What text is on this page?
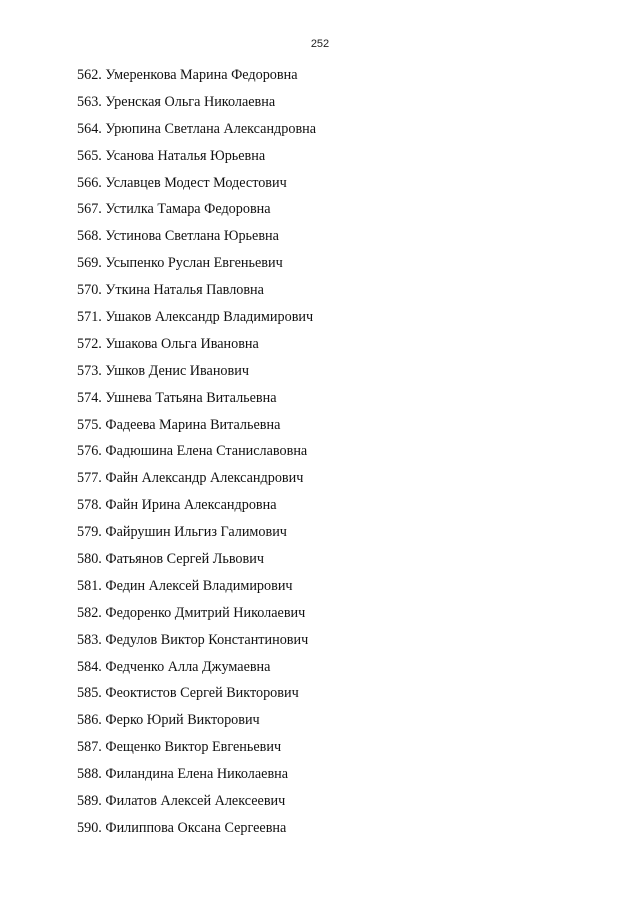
252
562. Умеренкова Марина Федоровна
563. Уренская Ольга Николаевна
564. Урюпина Светлана Александровна
565. Усанова Наталья Юрьевна
566. Уславцев Модест Модестович
567. Устилка Тамара Федоровна
568. Устинова Светлана Юрьевна
569. Усыпенко Руслан Евгеньевич
570. Уткина Наталья Павловна
571. Ушаков Александр Владимирович
572. Ушакова Ольга Ивановна
573. Ушков Денис Иванович
574. Ушнева Татьяна Витальевна
575. Фадеева Марина Витальевна
576. Фадюшина Елена Станиславовна
577. Файн Александр Александрович
578. Файн Ирина Александровна
579. Файрушин Ильгиз Галимович
580. Фатьянов Сергей Львович
581. Федин Алексей Владимирович
582. Федоренко Дмитрий Николаевич
583. Федулов Виктор Константинович
584. Федченко Алла Джумаевна
585. Феоктистов Сергей Викторович
586. Ферко Юрий Викторович
587. Фещенко Виктор Евгеньевич
588. Филандина Елена Николаевна
589. Филатов Алексей Алексеевич
590. Филиппова Оксана Сергеевна
